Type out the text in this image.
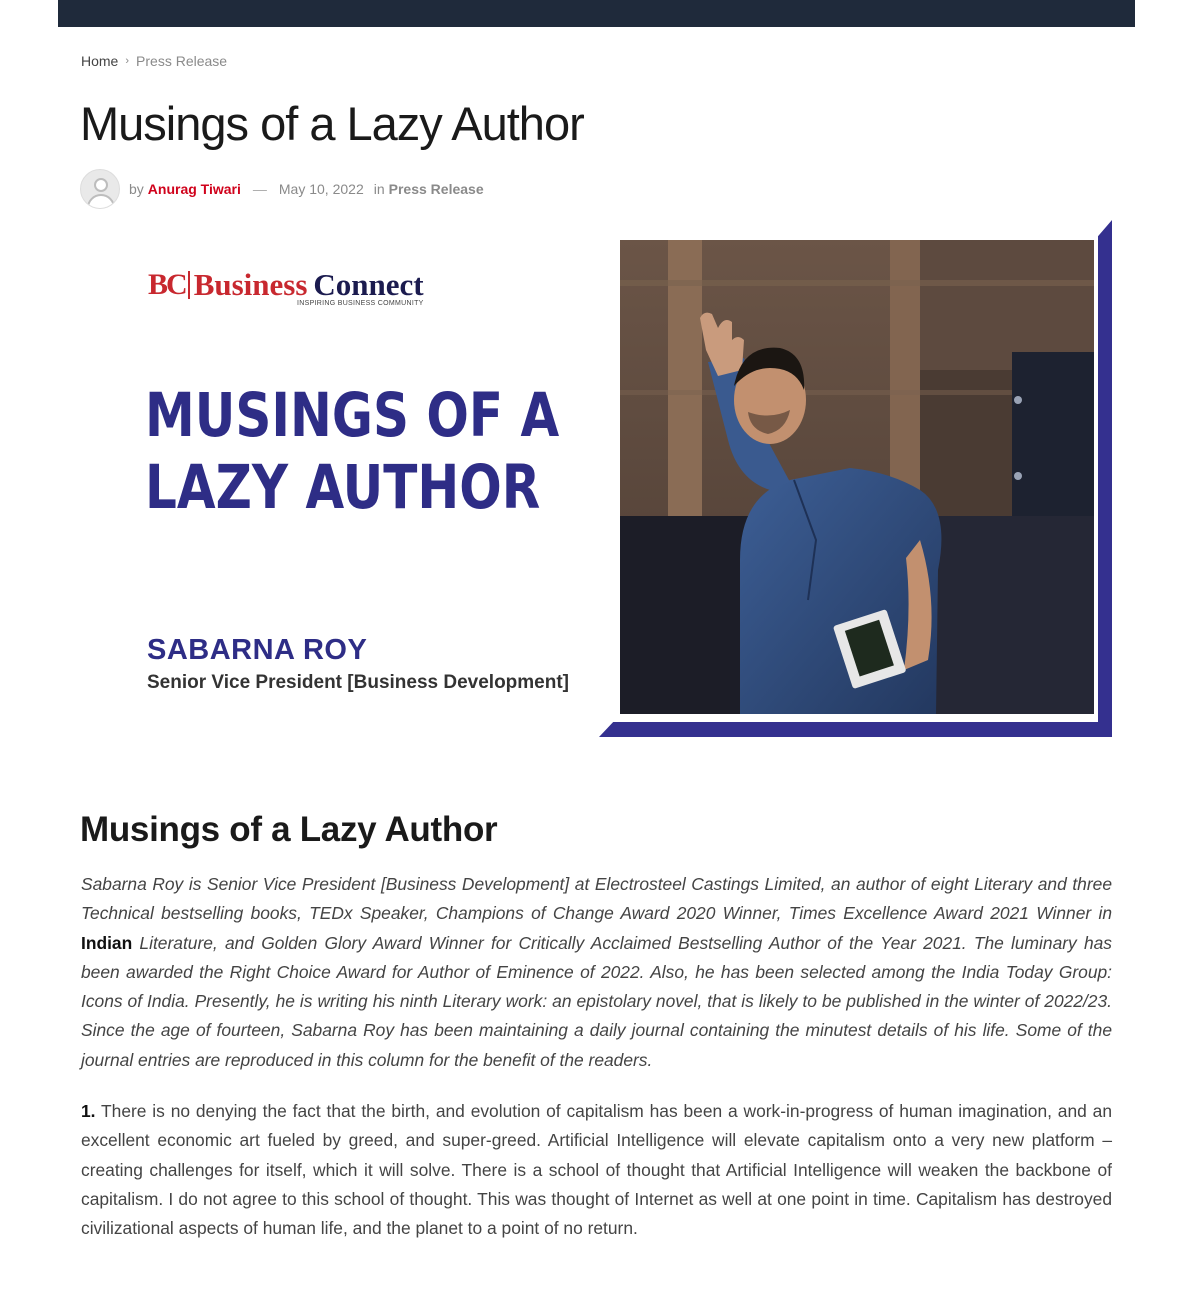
Home › Press Release
Musings of a Lazy Author
by Anurag Tiwari — May 10, 2022 in Press Release
BC Business Connect
INSPIRING BUSINESS COMMUNITY
MUSINGS OF A
LAZY AUTHOR
SABARNA ROY
Senior Vice President [Business Development]
Musings of a Lazy Author

Sabarna Roy is Senior Vice President [Business Development] at Electrosteel Castings Limited, an author of eight Literary and three Technical bestselling books, TEDx Speaker, Champions of Change Award 2020 Winner, Times Excellence Award 2021 Winner in Indian Literature, and Golden Glory Award Winner for Critically Acclaimed Bestselling Author of the Year 2021. The luminary has been awarded the Right Choice Award for Author of Eminence of 2022. Also, he has been selected among the India Today Group: Icons of India. Presently, he is writing his ninth Literary work: an epistolary novel, that is likely to be published in the winter of 2022/23. Since the age of fourteen, Sabarna Roy has been maintaining a daily journal containing the minutest details of his life. Some of the journal entries are reproduced in this column for the benefit of the readers.

1. There is no denying the fact that the birth, and evolution of capitalism has been a work-in-progress of human imagination, and an excellent economic art fueled by greed, and super-greed. Artificial Intelligence will elevate capitalism onto a very new platform – creating challenges for itself, which it will solve. There is a school of thought that Artificial Intelligence will weaken the backbone of capitalism. I do not agree to this school of thought. This was thought of Internet as well at one point in time. Capitalism has destroyed civilizational aspects of human life, and the planet to a point of no return.
